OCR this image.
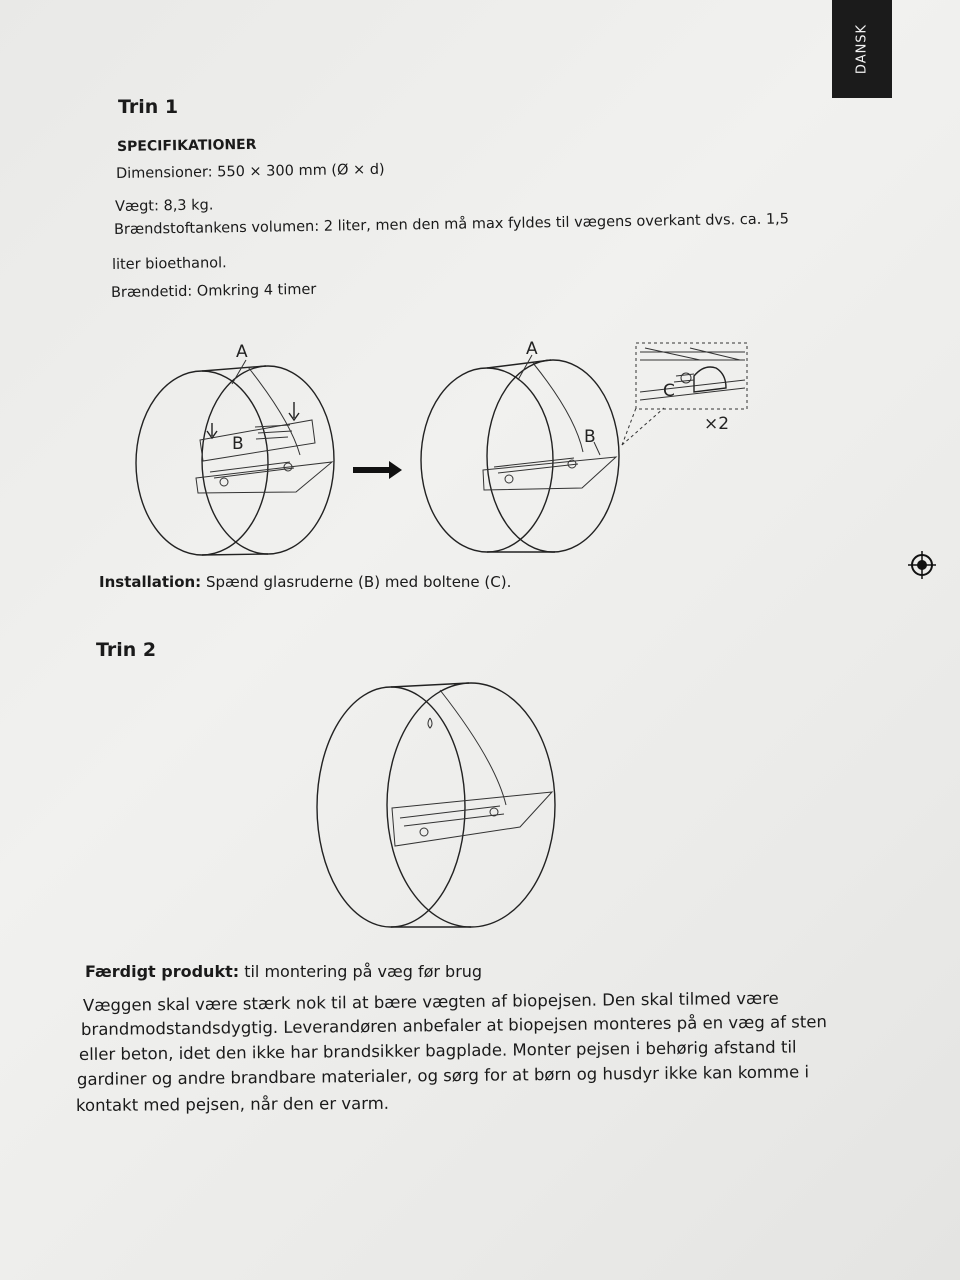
DANSK
Trin 1
SPECIFIKATIONER
Dimensioner: 550 × 300 mm (Ø × d)
Vægt: 8,3 kg.
Brændstoftankens volumen: 2 liter, men den må max fyldes til vægens overkant dvs. ca. 1,5
liter bioethanol.
Brændetid: Omkring 4 timer
A
B
A
B
C
×2
Installation: Spænd glasruderne (B) med boltene (C).
Trin 2
Færdigt produkt: til montering på væg før brug
Væggen skal være stærk nok til at bære vægten af biopejsen. Den skal tilmed være
brandmodstandsdygtig. Leverandøren anbefaler at biopejsen monteres på en væg af sten
eller beton, idet den ikke har brandsikker bagplade. Monter pejsen i behørig afstand til
gardiner og andre brandbare materialer, og sørg for at børn og husdyr ikke kan komme i
kontakt med pejsen, når den er varm.
